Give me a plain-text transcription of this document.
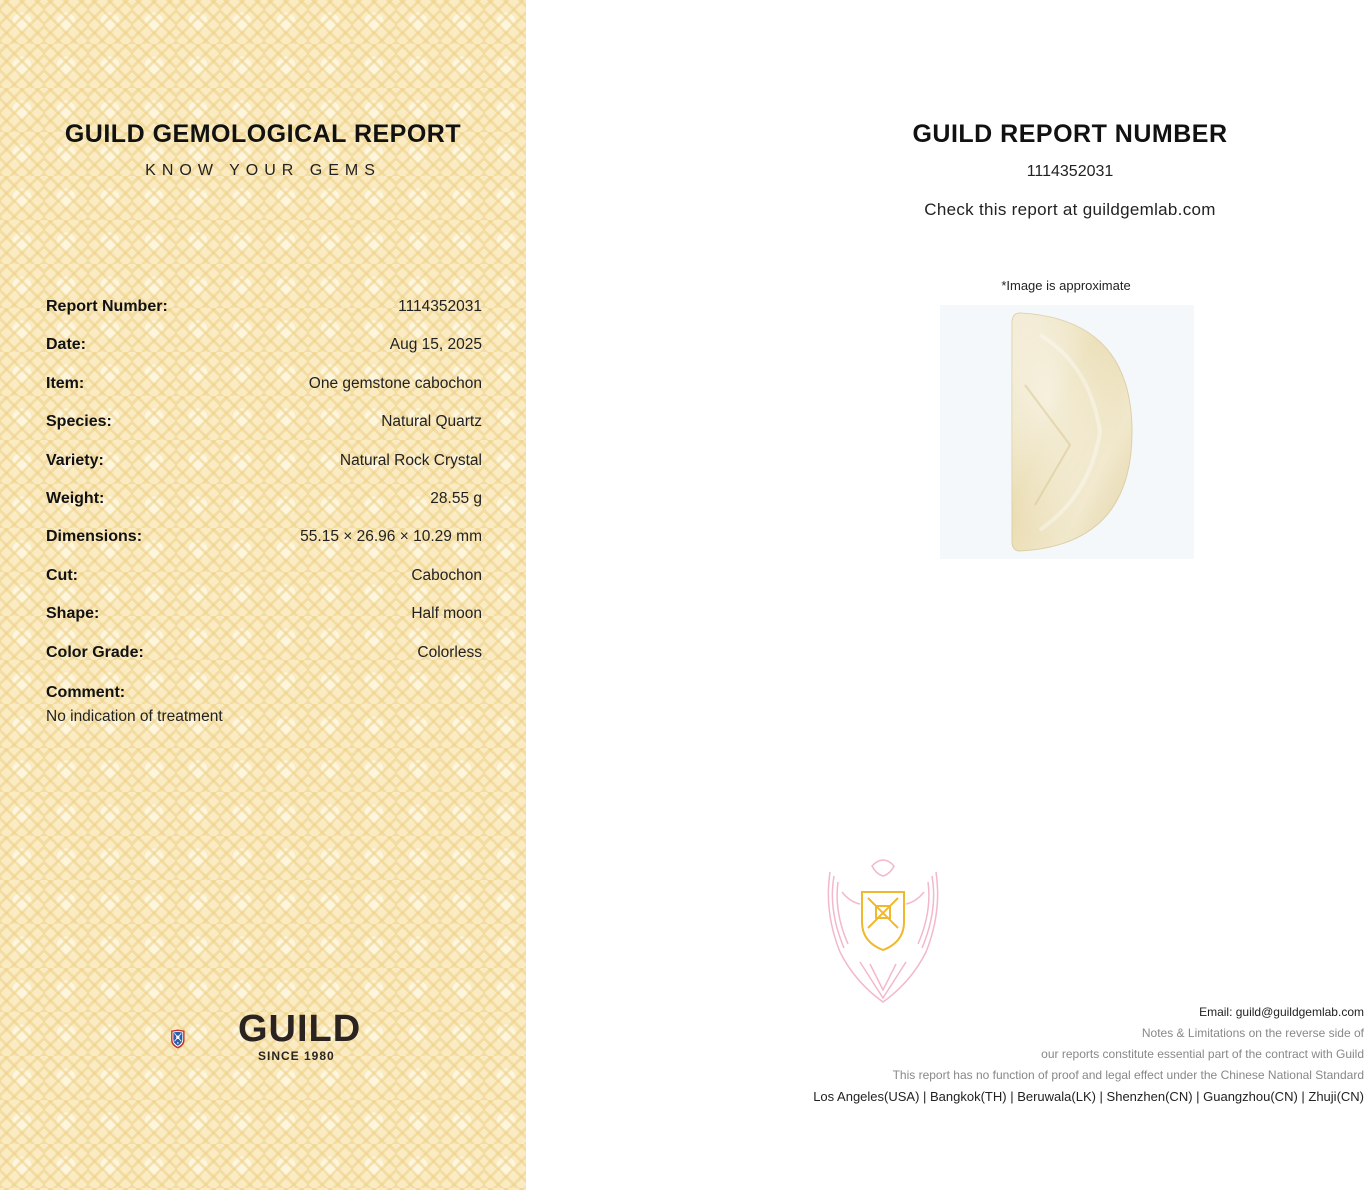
GUILD GEMOLOGICAL REPORT
KNOW YOUR GEMS
Report Number:	1114352031
Date:	Aug 15, 2025
Item:	One gemstone cabochon
Species:	Natural Quartz
Variety:	Natural Rock Crystal
Weight:	28.55 g
Dimensions:	55.15 × 26.96 × 10.29 mm
Cut:	Cabochon
Shape:	Half moon
Color Grade:	Colorless
Comment:
No indication of treatment
GUILD
SINCE 1980
GUILD REPORT NUMBER
1114352031
Check this report at guildgemlab.com
*Image is approximate
Email: guild@guildgemlab.com
Notes & Limitations on the reverse side of
our reports constitute essential part of the contract with Guild
This report has no function of proof and legal effect under the Chinese National Standard
Los Angeles(USA) | Bangkok(TH) | Beruwala(LK) | Shenzhen(CN) | Guangzhou(CN) | Zhuji(CN)
